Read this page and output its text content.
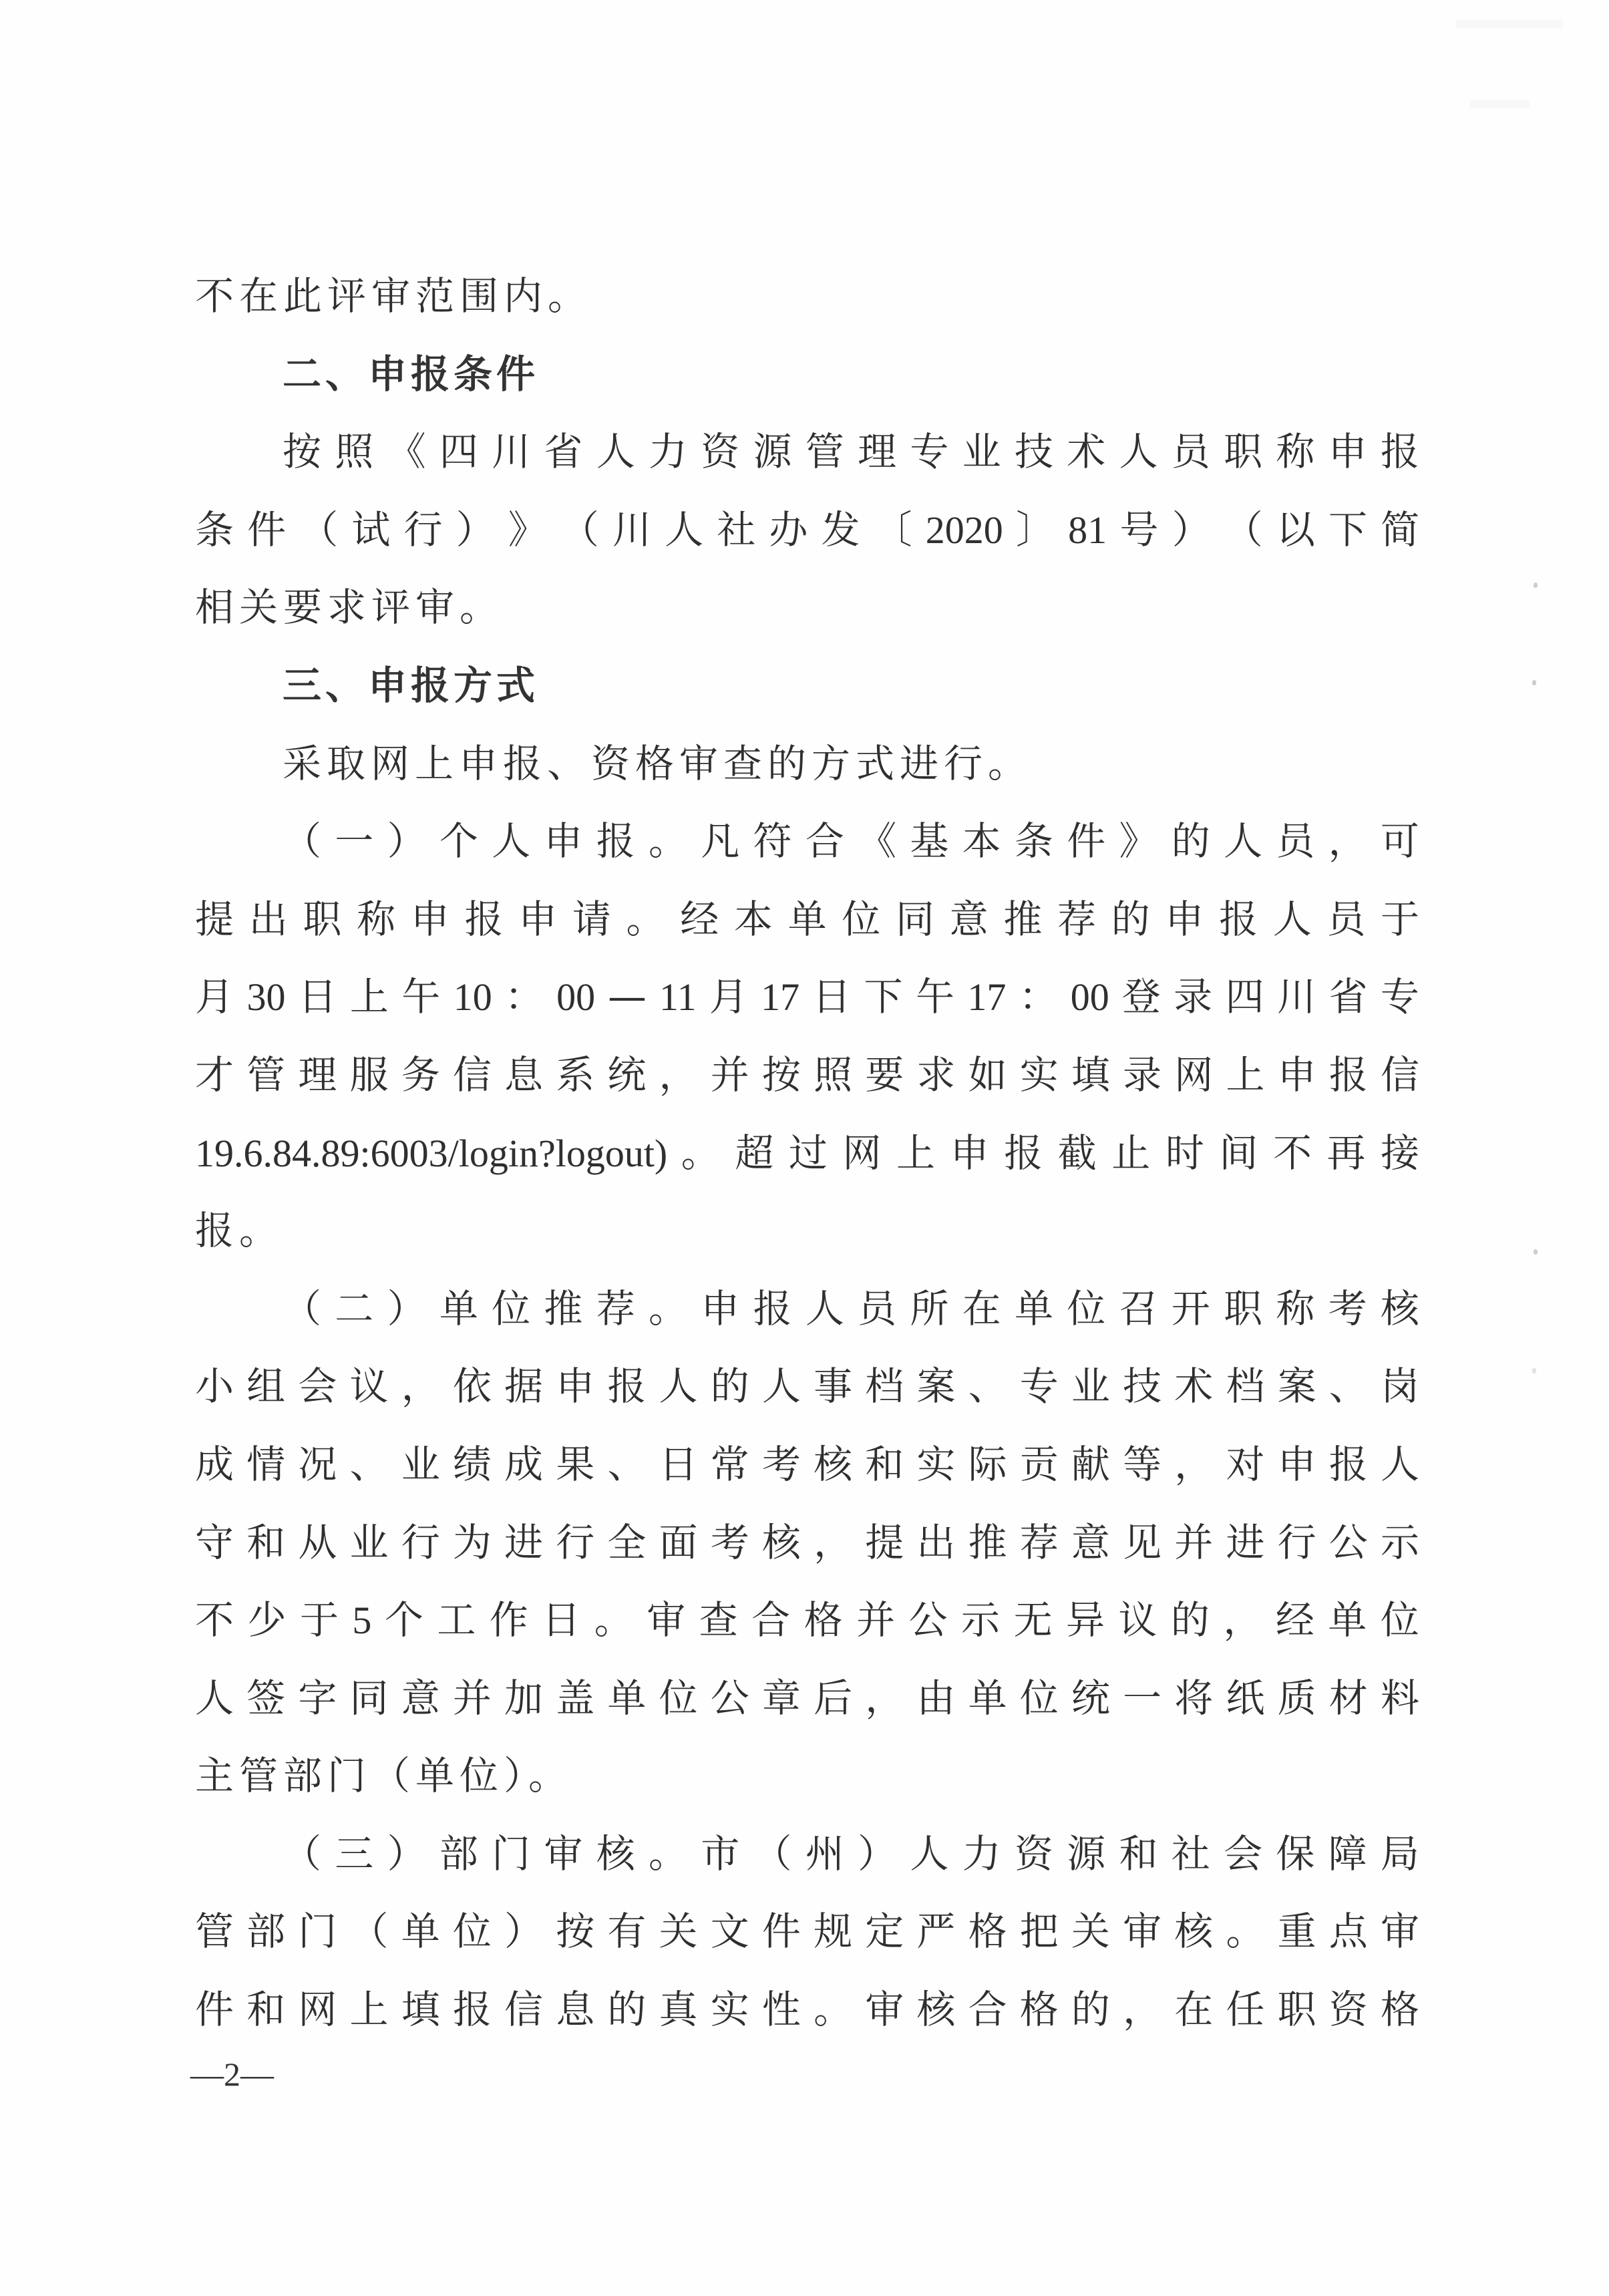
不在此评审范围内。
二、申报条件
按 照 《 四 川 省 人 力 资 源 管 理 专 业 技 术 人 员 职 称 申 报
条 件 （ 试 行 ） 》 （ 川 人 社 办 发 〔 2020 〕 81 号 ） （ 以 下 简
相关要求评审。
三、申报方式
采取网上申报、资格审查的方式进行。
（ 一 ） 个 人 申 报 。 凡 符 合 《 基 本 条 件 》 的 人 员 ， 可
提 出 职 称 申 报 申 请 。 经 本 单 位 同 意 推 荐 的 申 报 人 员 于
月 30 日 上 午 10 ： 00 — 11 月 17 日 下 午 17 ： 00 登 录 四 川 省 专
才 管 理 服 务 信 息 系 统 ， 并 按 照 要 求 如 实 填 录 网 上 申 报 信
19.6.84.89:6003/login?logout) 。 超 过 网 上 申 报 截 止 时 间 不 再 接
报。
（ 二 ） 单 位 推 荐 。 申 报 人 员 所 在 单 位 召 开 职 称 考 核
小 组 会 议 ， 依 据 申 报 人 的 人 事 档 案 、 专 业 技 术 档 案 、 岗
成 情 况 、 业 绩 成 果 、 日 常 考 核 和 实 际 贡 献 等 ， 对 申 报 人
守 和 从 业 行 为 进 行 全 面 考 核 ， 提 出 推 荐 意 见 并 进 行 公 示
不 少 于 5 个 工 作 日 。 审 查 合 格 并 公 示 无 异 议 的 ， 经 单 位
人 签 字 同 意 并 加 盖 单 位 公 章 后 ， 由 单 位 统 一 将 纸 质 材 料
主管部门（单位）。
（ 三 ） 部 门 审 核 。 市 （ 州 ） 人 力 资 源 和 社 会 保 障 局
管 部 门 （ 单 位 ） 按 有 关 文 件 规 定 严 格 把 关 审 核 。 重 点 审
件 和 网 上 填 报 信 息 的 真 实 性 。 审 核 合 格 的 ， 在 任 职 资 格
—2—
